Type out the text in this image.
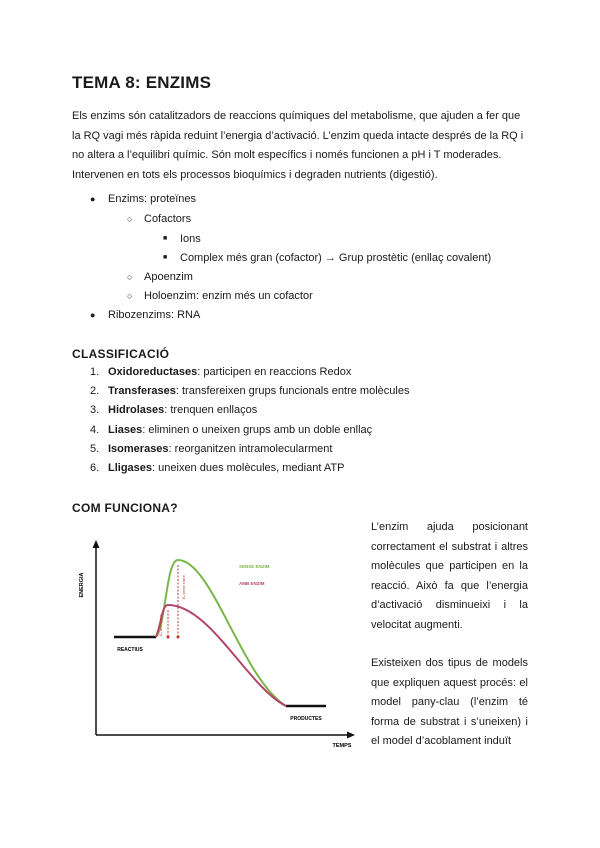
TEMA 8: ENZIMS
Els enzims són catalitzadors de reaccions químiques del metabolisme, que ajuden a fer que la RQ vagi més ràpida reduint l’energia d’activació. L’enzim queda intacte després de la RQ i no altera a l’equilibri químic. Són molt específics i només funcionen a pH i T moderades. Intervenen en tots els processos bioquímics i degraden nutrients (digestió).
● Enzims: proteïnes
○ Cofactors
■ Ions
■ Complex més gran (cofactor) → Grup prostètic (enllaç covalent)
○ Apoenzim
○ Holoenzim: enzim més un cofactor
● Ribozenzims: RNA
CLASSIFICACIÓ
1. Oxidoreductases: participen en reaccions Redox
2. Transferases: transfereixen grups funcionals entre molècules
3. Hidrolases: trenquen enllaços
4. Liases: eliminen o uneixen grups amb un doble enllaç
5. Isomerases: reorganitzen intramolecularment
6. Lligases: uneixen dues molècules, mediant ATP
COM FUNCIONA?
L’enzim ajuda posicionant correctament el substrat i altres molècules que participen en la reacció. Això fa que l’energia d’activació disminueixi i la velocitat augmenti.
Existeixen dos tipus de models que expliquen aquest procés: el model pany-clau (l’enzim té forma de substrat i s’uneixen) i el model d’acoblament induït
ENERGIA
TEMPS
REACTIUS
PRODUCTES
Eₐ sense enzim
Eₐ amb enzim
SENSE ENZIM
AMB ENZIM
